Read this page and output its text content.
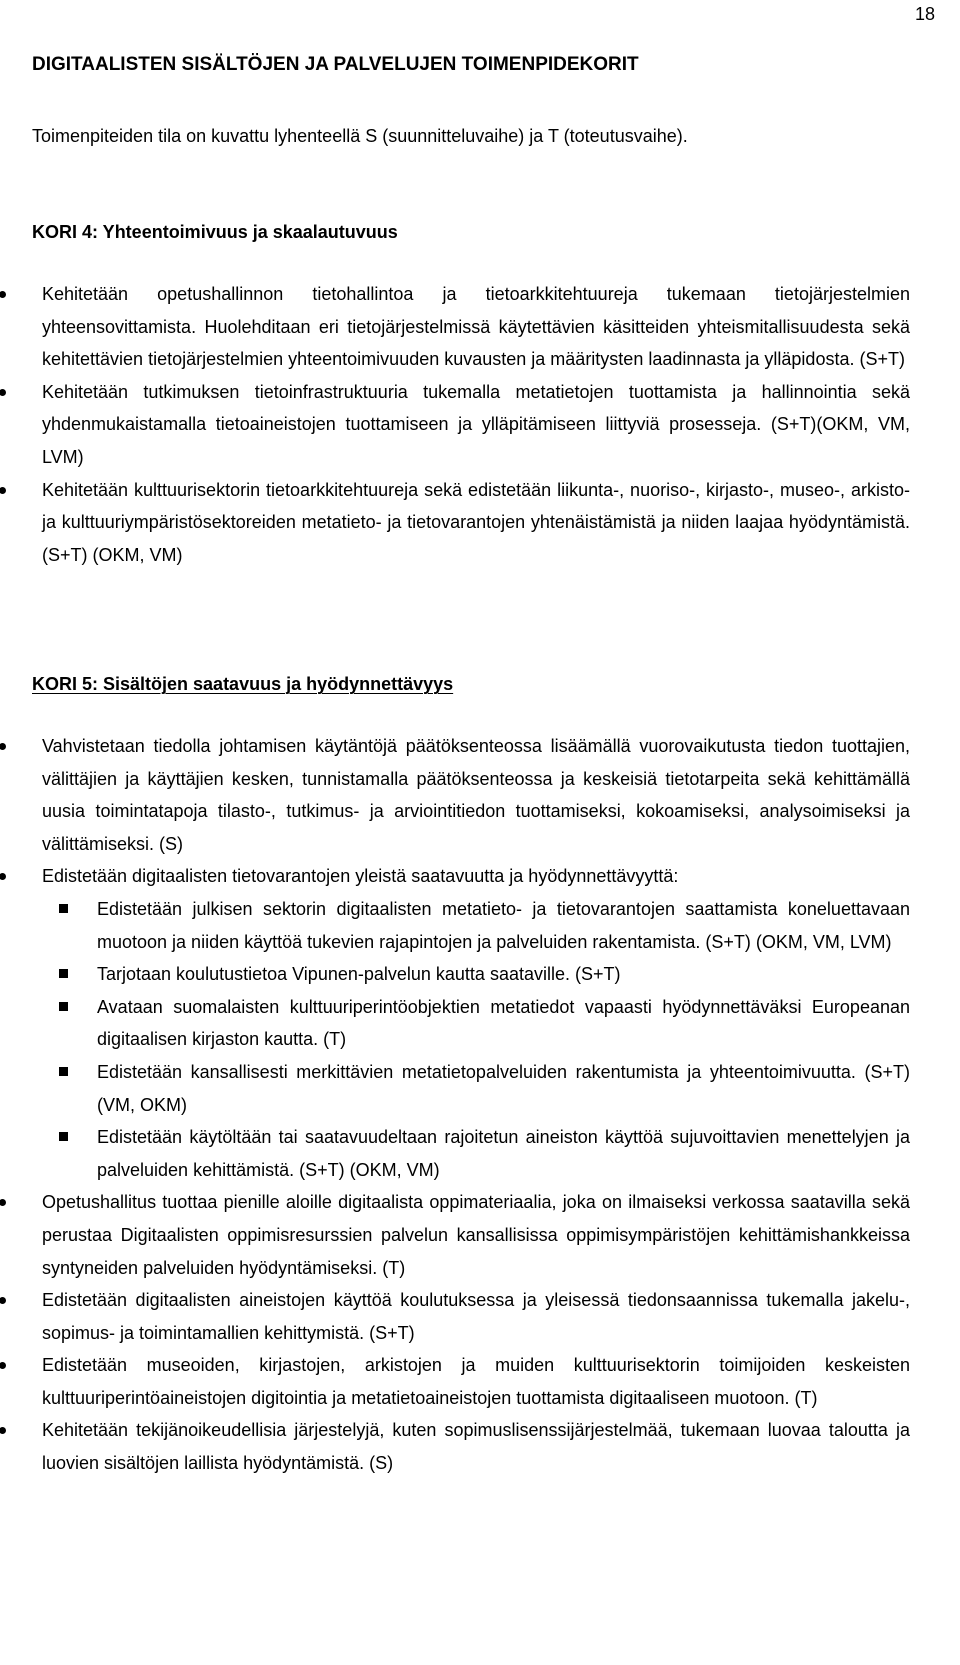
18
DIGITAALISTEN SISÄLTÖJEN JA PALVELUJEN TOIMENPIDEKORIT

Toimenpiteiden tila on kuvattu lyhenteellä S (suunnitteluvaihe) ja T (toteutusvaihe).

KORI 4: Yhteentoimivuus ja skaalautuvuus
Kehitetään opetushallinnon tietohallintoa ja tietoarkkitehtuureja tukemaan tietojärjestelmien yhteensovittamista. Huolehditaan eri tietojärjestelmissä käytettävien käsitteiden yhteismitallisuudesta sekä kehitettävien tietojärjestelmien yhteentoimivuuden kuvausten ja määritysten laadinnasta ja ylläpidosta. (S+T)
Kehitetään tutkimuksen tietoinfrastruktuuria tukemalla metatietojen tuottamista ja hallinnointia sekä yhdenmukaistamalla tietoaineistojen tuottamiseen ja ylläpitämiseen liittyviä prosesseja. (S+T)(OKM, VM, LVM)
Kehitetään kulttuurisektorin tietoarkkitehtuureja sekä edistetään liikunta-, nuoriso-, kirjasto-, museo-, arkisto- ja kulttuuriympäristösektoreiden metatieto- ja tietovarantojen yhtenäistämistä ja niiden laajaa hyödyntämistä. (S+T) (OKM, VM)
KORI 5: Sisältöjen saatavuus ja hyödynnettävyys
Vahvistetaan tiedolla johtamisen käytäntöjä päätöksenteossa lisäämällä vuorovaikutusta tiedon tuottajien, välittäjien ja käyttäjien kesken, tunnistamalla päätöksenteossa ja keskeisiä tietotarpeita sekä kehittämällä uusia toimintatapoja tilasto-, tutkimus- ja arviointitiedon tuottamiseksi, kokoamiseksi, analysoimiseksi ja välittämiseksi. (S)
Edistetään digitaalisten tietovarantojen yleistä saatavuutta ja hyödynnettävyyttä:
Edistetään julkisen sektorin digitaalisten metatieto- ja tietovarantojen saattamista koneluettavaan muotoon ja niiden käyttöä tukevien rajapintojen ja palveluiden rakentamista. (S+T) (OKM, VM, LVM)
Tarjotaan koulutustietoa Vipunen-palvelun kautta saataville. (S+T)
Avataan suomalaisten kulttuuriperintöobjektien metatiedot vapaasti hyödynnettäväksi Europeanan digitaalisen kirjaston kautta. (T)
Edistetään kansallisesti merkittävien metatietopalveluiden rakentumista ja yhteentoimivuutta. (S+T) (VM, OKM)
Edistetään käytöltään tai saatavuudeltaan rajoitetun aineiston käyttöä sujuvoittavien menettelyjen ja palveluiden kehittämistä. (S+T) (OKM, VM)
Opetushallitus tuottaa pienille aloille digitaalista oppimateriaalia, joka on ilmaiseksi verkossa saatavilla sekä perustaa Digitaalisten oppimisresurssien palvelun kansallisissa oppimisympäristöjen kehittämishankkeissa syntyneiden palveluiden hyödyntämiseksi. (T)
Edistetään digitaalisten aineistojen käyttöä koulutuksessa ja yleisessä tiedonsaannissa tukemalla jakelu-, sopimus- ja toimintamallien kehittymistä. (S+T)
Edistetään museoiden, kirjastojen, arkistojen ja muiden kulttuurisektorin toimijoiden keskeisten kulttuuriperintöaineistojen digitointia ja metatietoaineistojen tuottamista digitaaliseen muotoon. (T)
Kehitetään tekijänoikeudellisia järjestelyjä, kuten sopimuslisenssijärjestelmää, tukemaan luovaa taloutta ja luovien sisältöjen laillista hyödyntämistä. (S)
